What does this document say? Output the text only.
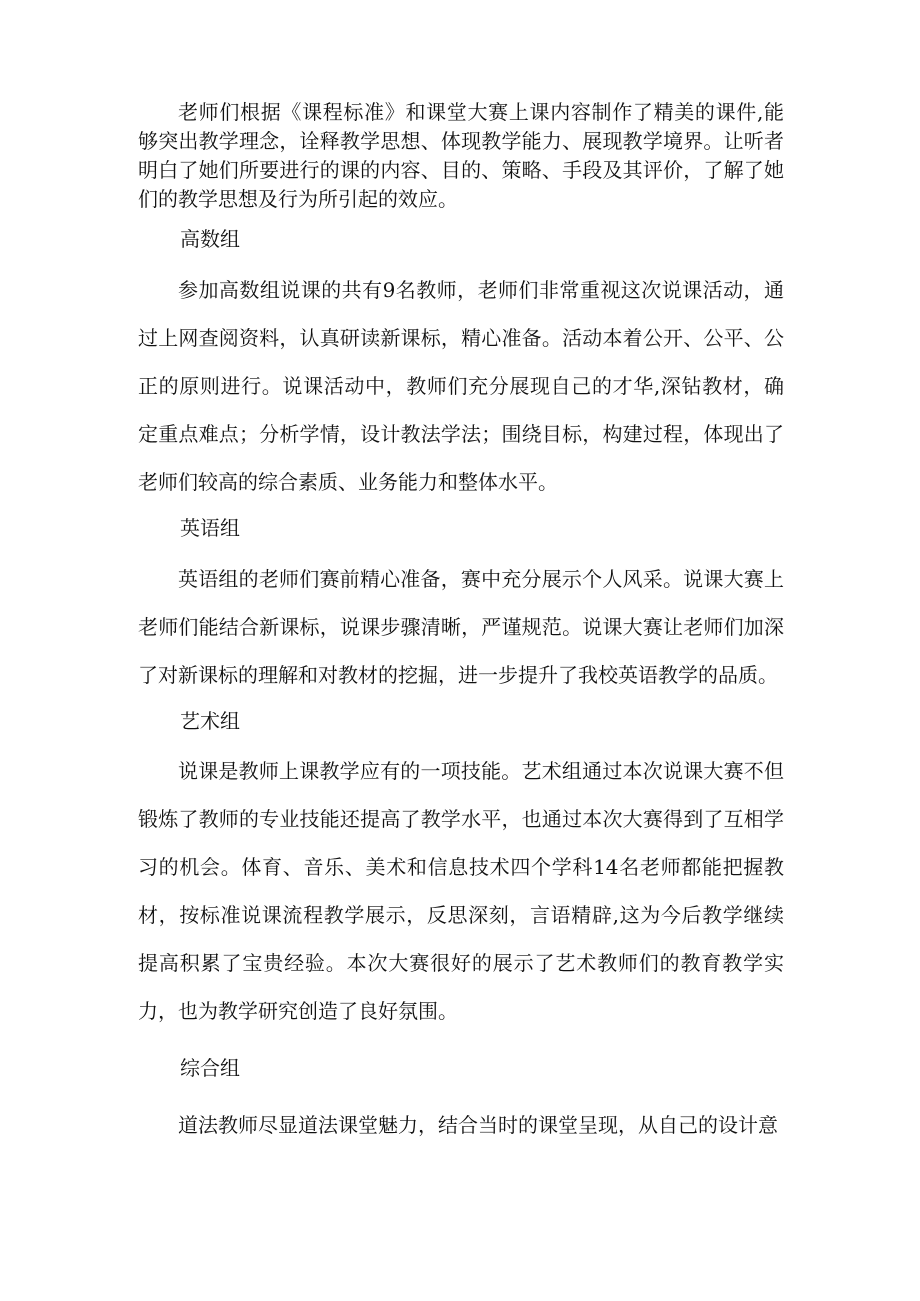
老师们根据《课程标准》和课堂大赛上课内容制作了精美的课件,能够突出教学理念，诠释教学思想、体现教学能力、展现教学境界。让听者明白了她们所要进行的课的内容、目的、策略、手段及其评价，了解了她们的教学思想及行为所引起的效应。

高数组

参加高数组说课的共有9名教师，老师们非常重视这次说课活动，通过上网查阅资料，认真研读新课标，精心准备。活动本着公开、公平、公正的原则进行。说课活动中，教师们充分展现自己的才华,深钻教材，确定重点难点；分析学情，设计教法学法；围绕目标，构建过程，体现出了老师们较高的综合素质、业务能力和整体水平。

英语组

英语组的老师们赛前精心准备，赛中充分展示个人风采。说课大赛上老师们能结合新课标，说课步骤清晰，严谨规范。说课大赛让老师们加深了对新课标的理解和对教材的挖掘，进一步提升了我校英语教学的品质。

艺术组

说课是教师上课教学应有的一项技能。艺术组通过本次说课大赛不但锻炼了教师的专业技能还提高了教学水平，也通过本次大赛得到了互相学习的机会。体育、音乐、美术和信息技术四个学科14名老师都能把握教材，按标准说课流程教学展示，反思深刻，言语精辟,这为今后教学继续提高积累了宝贵经验。本次大赛很好的展示了艺术教师们的教育教学实力，也为教学研究创造了良好氛围。

综合组

道法教师尽显道法课堂魅力，结合当时的课堂呈现，从自己的设计意
